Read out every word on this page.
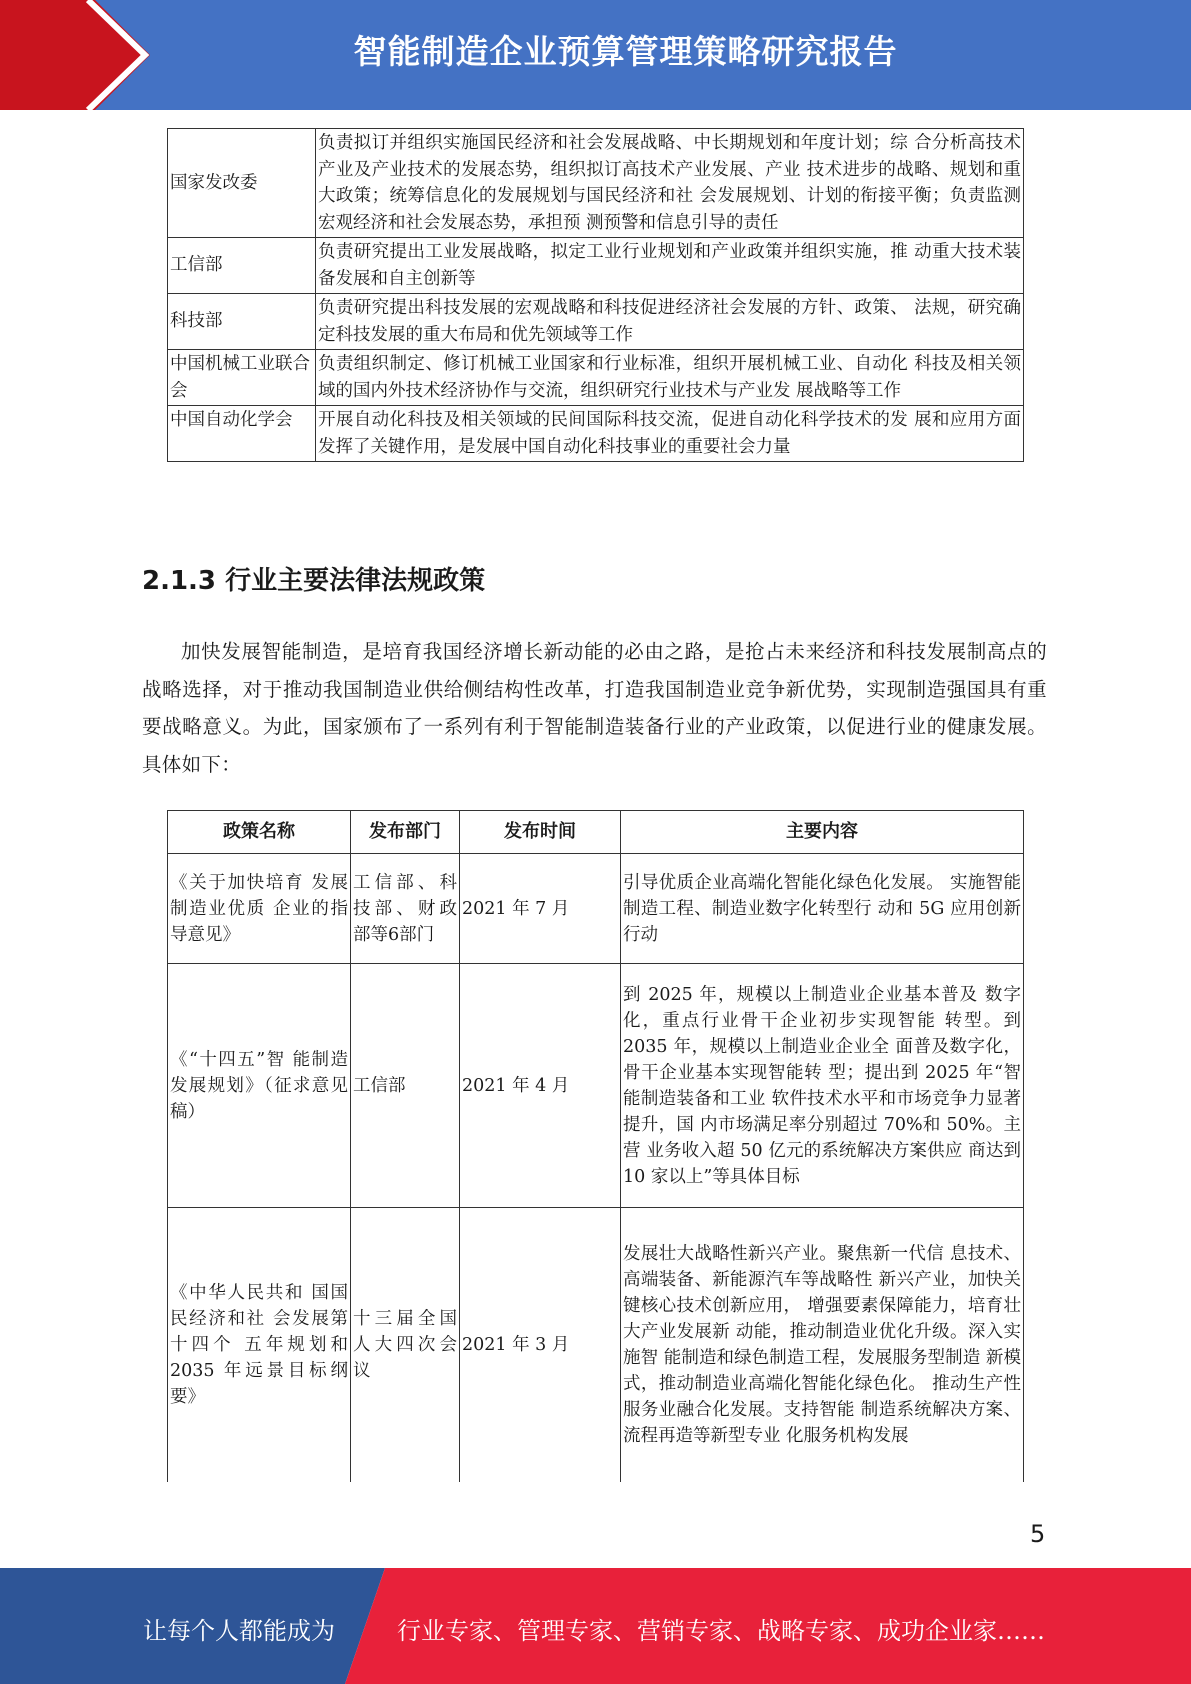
智能制造企业预算管理策略研究报告
国家发改委	负责拟订并组织实施国民经济和社会发展战略、中长期规划和年度计划；综 合分析高技术产业及产业技术的发展态势，组织拟订高技术产业发展、产业 技术进步的战略、规划和重大政策；统筹信息化的发展规划与国民经济和社 会发展规划、计划的衔接平衡；负责监测宏观经济和社会发展态势，承担预 测预警和信息引导的责任
工信部	负责研究提出工业发展战略，拟定工业行业规划和产业政策并组织实施，推 动重大技术装备发展和自主创新等
科技部	负责研究提出科技发展的宏观战略和科技促进经济社会发展的方针、政策、 法规，研究确定科技发展的重大布局和优先领域等工作
中国机械工业联合会	负责组织制定、修订机械工业国家和行业标准，组织开展机械工业、自动化 科技及相关领域的国内外技术经济协作与交流，组织研究行业技术与产业发 展战略等工作
中国自动化学会	开展自动化科技及相关领域的民间国际科技交流，促进自动化科学技术的发 展和应用方面发挥了关键作用，是发展中国自动化科技事业的重要社会力量
2.1.3 行业主要法律法规政策
加快发展智能制造，是培育我国经济增长新动能的必由之路，是抢占未来经济和科技发展制高点的战略选择，对于推动我国制造业供给侧结构性改革，打造我国制造业竞争新优势，实现制造强国具有重要战略意义。为此，国家颁布了一系列有利于智能制造装备行业的产业政策，以促进行业的健康发展。具体如下：
政策名称	发布部门	发布时间	主要内容
《关于加快培育 发展制造业优质 企业的指导意见》	工信部、科技部、财政部等6部门	2021 年 7 月	引导优质企业高端化智能化绿色化发展。 实施智能制造工程、制造业数字化转型行 动和 5G 应用创新行动
《“十四五”智 能制造发展规划》（征求意见稿）	工信部	2021 年 4 月	到 2025 年，规模以上制造业企业基本普及 数字化，重点行业骨干企业初步实现智能 转型。到 2035 年，规模以上制造业企业全 面普及数字化，骨干企业基本实现智能转 型；提出到 2025 年“智能制造装备和工业 软件技术水平和市场竞争力显著提升，国 内市场满足率分别超过 70%和 50%。主营 业务收入超 50 亿元的系统解决方案供应 商达到 10 家以上”等具体目标
《中华人民共和 国国民经济和社 会发展第十四个 五年规划和 2035 年远景目标纲要》	十三届全国人大四次会议	2021 年 3 月	发展壮大战略性新兴产业。聚焦新一代信 息技术、高端装备、新能源汽车等战略性 新兴产业，加快关键核心技术创新应用， 增强要素保障能力，培育壮大产业发展新 动能，推动制造业优化升级。深入实施智 能制造和绿色制造工程，发展服务型制造 新模式，推动制造业高端化智能化绿色化。 推动生产性服务业融合化发展。支持智能 制造系统解决方案、流程再造等新型专业 化服务机构发展
5
让每个人都能成为	行业专家、管理专家、营销专家、战略专家、成功企业家……
